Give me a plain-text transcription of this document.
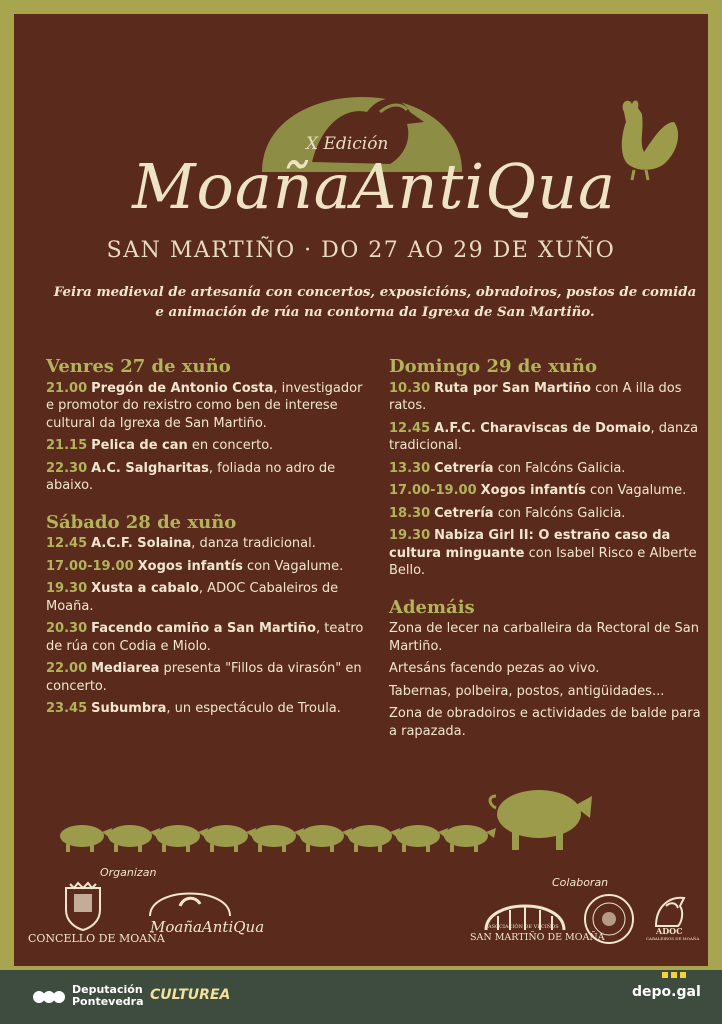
X Edición
MoañaAntiQua
SAN MARTIÑO · DO 27 AO 29 DE XUÑO
Feira medieval de artesanía con concertos, exposicións, obradoiros, postos de comida e animación de rúa na contorna da Igrexa de San Martiño.
Venres 27 de xuño
21.00 Pregón de Antonio Costa, investigador e promotor do rexistro como ben de interese cultural da Igrexa de San Martiño.
21.15 Pelica de can en concerto.
22.30 A.C. Salgharitas, foliada no adro de abaixo.
Sábado 28 de xuño
12.45 A.C.F. Solaina, danza tradicional.
17.00-19.00 Xogos infantís con Vagalume.
19.30 Xusta a cabalo, ADOC Cabaleiros de Moaña.
20.30 Facendo camiño a San Martiño, teatro de rúa con Codia e Miolo.
22.00 Mediarea presenta "Fillos da virasón" en concerto.
23.45 Subumbra, un espectáculo de Troula.
Domingo 29 de xuño
10.30 Ruta por San Martiño con A illa dos ratos.
12.45 A.F.C. Charaviscas de Domaio, danza tradicional.
13.30 Cetrería con Falcóns Galicia.
17.00-19.00 Xogos infantís con Vagalume.
18.30 Cetrería con Falcóns Galicia.
19.30 Nabiza Girl II: O estraño caso da cultura minguante con Isabel Risco e Alberte Bello.
Ademáis
Zona de lecer na carballeira da Rectoral de San Martiño.
Artesáns facendo pezas ao vivo.
Tabernas, polbeira, postos, antigüidades...
Zona de obradoiros e actividades de balde para a rapazada.
Organizan
CONCELLO DE MOAÑA
MoañaAntiQua
Colaboran
ASOCIACIÓN DE VECIÑOS
SAN MARTIÑO DE MOAÑA
ADOC
CABALEIROS DE MOAÑA
Deputación
Pontevedra CULTUREA	depo.gal
